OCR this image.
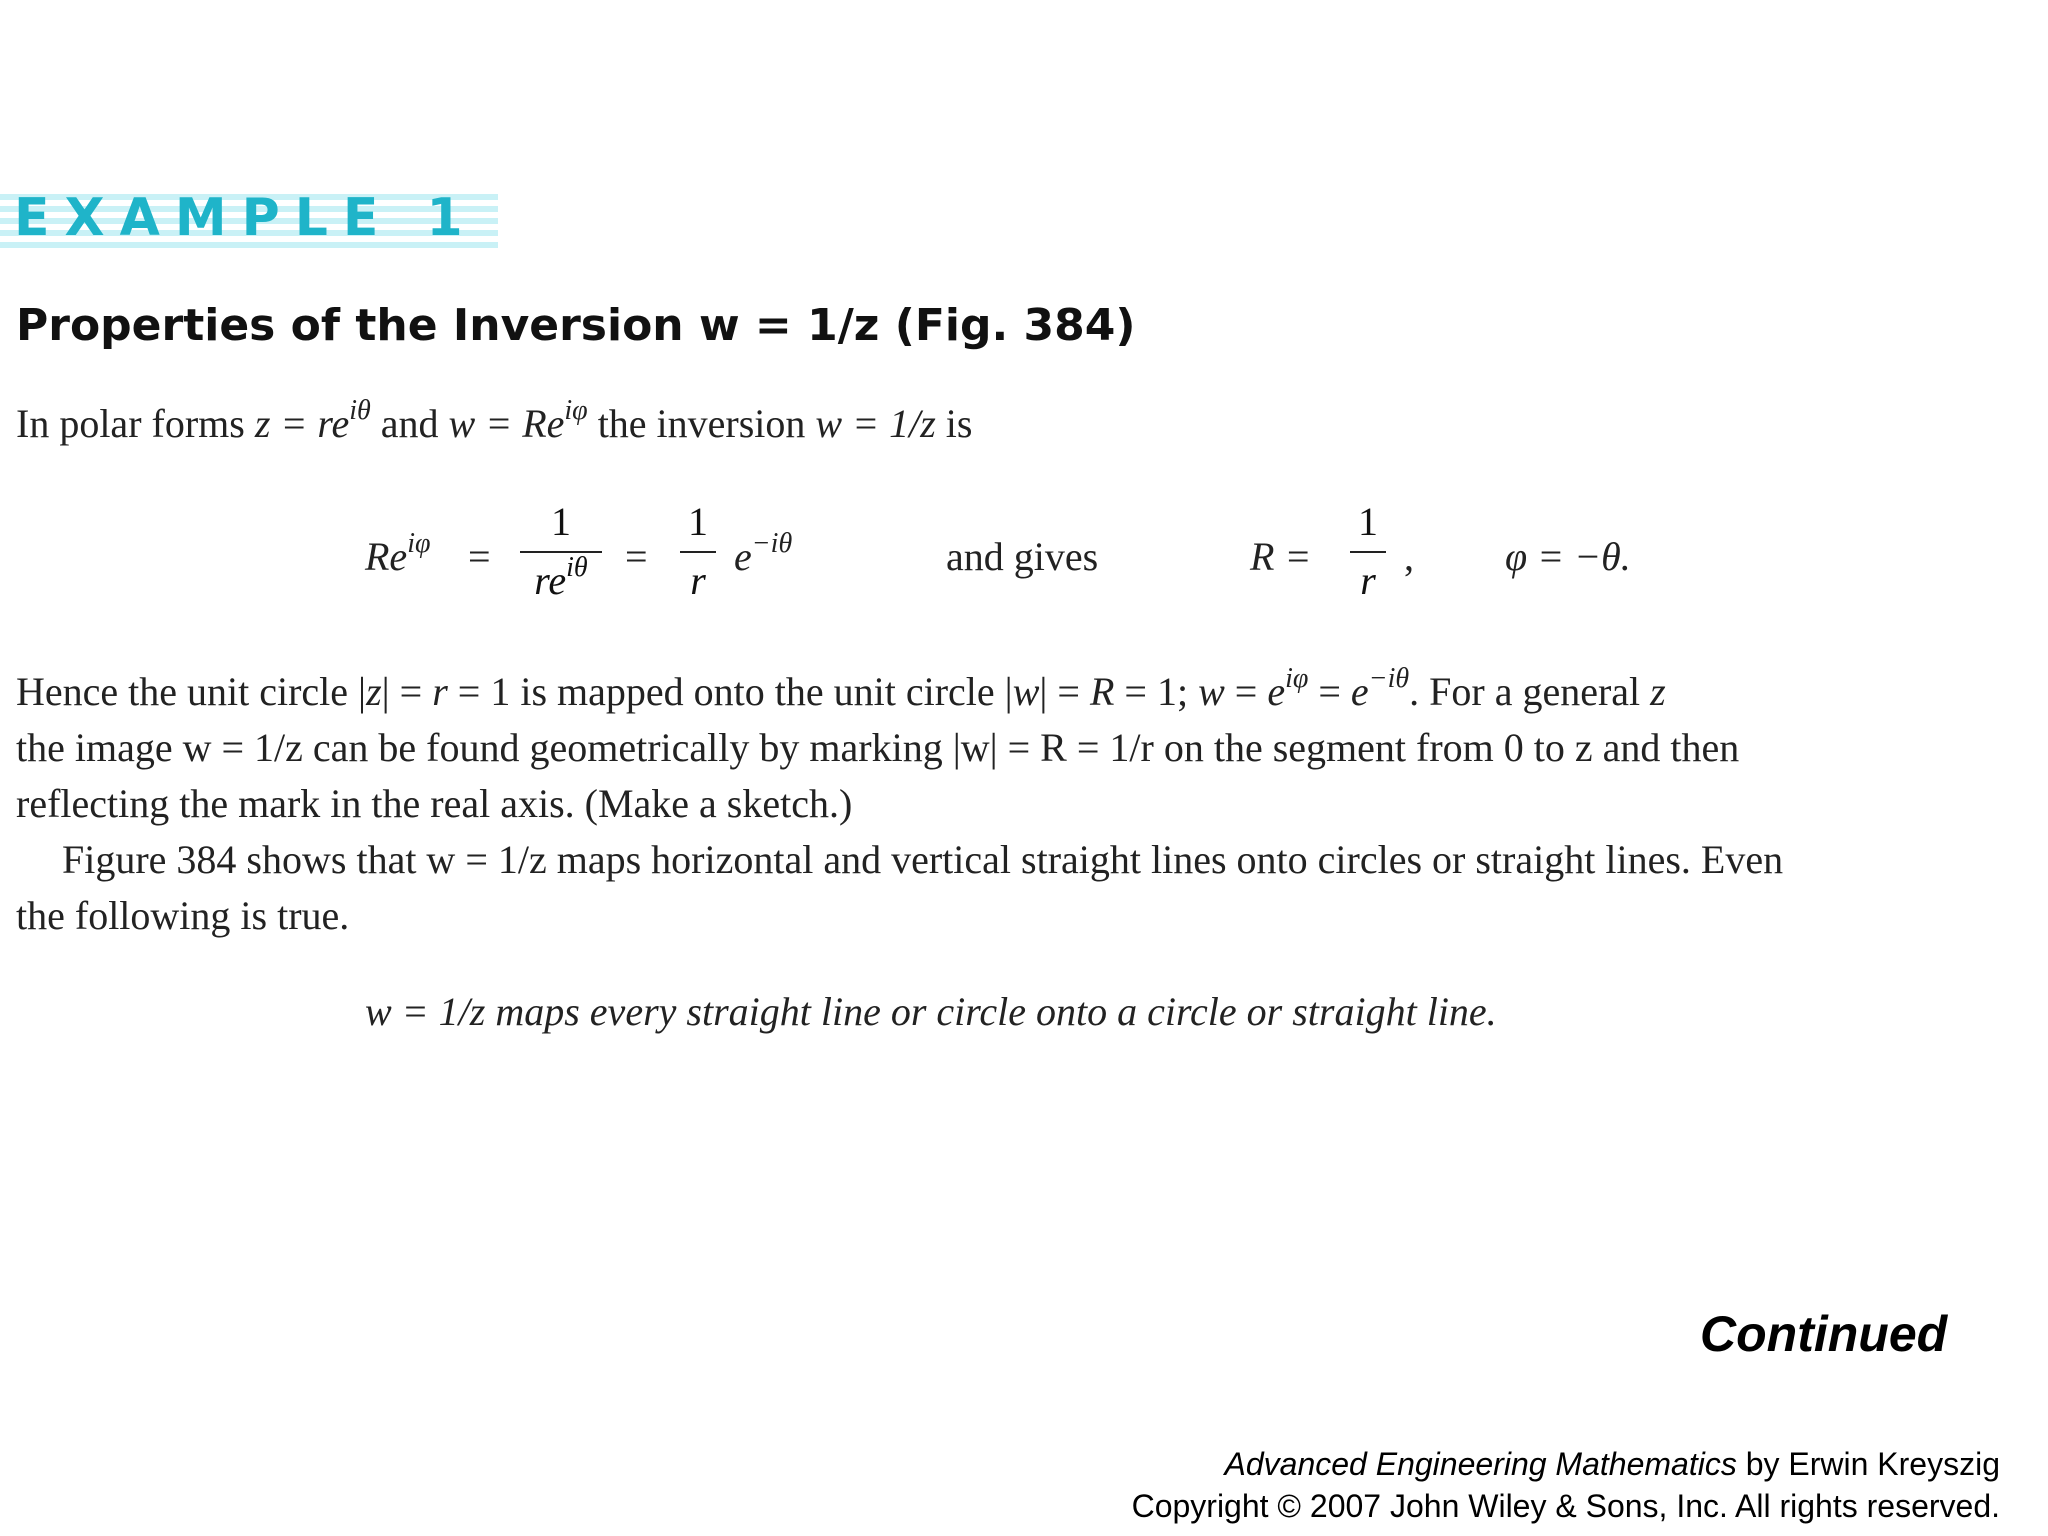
EXAMPLE 1
Properties of the Inversion w = 1/z (Fig. 384)
In polar forms $z = re^{i\theta}$ and $w = Re^{i\varphi}$ the inversion w = 1/z is
$Re^{i\varphi}$ =
1
$re^{i\theta}$ =
1
r
$e^{-i\theta}$	and gives	R =
1
r
, φ = −θ.
Hence the unit circle |z| = r = 1 is mapped onto the unit circle |w| = R = 1; $w = e^{i\varphi} = e^{-i\theta}$. For a general z
the image w = 1/z can be found geometrically by marking |w| = R = 1/r on the segment from 0 to z and then
reflecting the mark in the real axis. (Make a sketch.)
Figure 384 shows that w = 1/z maps horizontal and vertical straight lines onto circles or straight lines. Even
the following is true.
w = 1/z maps every straight line or circle onto a circle or straight line.
Continued
Advanced Engineering Mathematics by Erwin Kreyszig
Copyright © 2007 John Wiley & Sons, Inc. All rights reserved.
